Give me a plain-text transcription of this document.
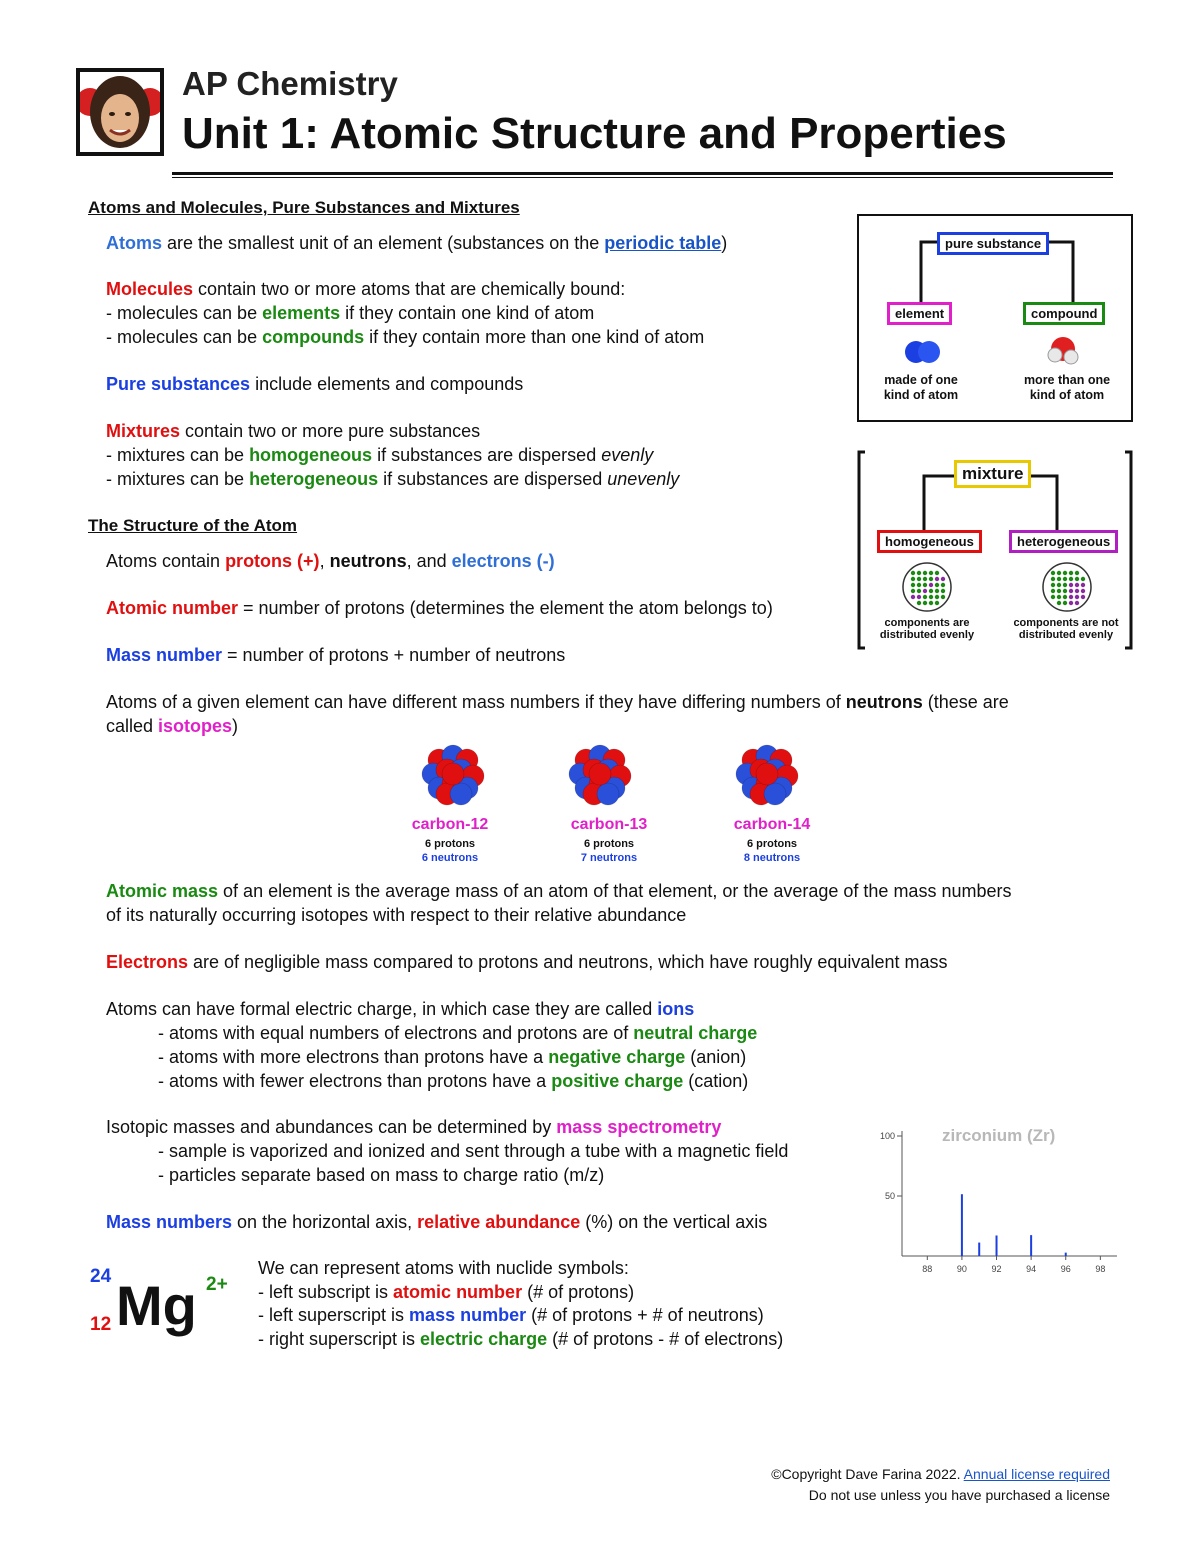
AP Chemistry
Unit 1: Atomic Structure and Properties
Atoms and Molecules, Pure Substances and Mixtures
Atoms are the smallest unit of an element (substances on the periodic table)
Molecules contain two or more atoms that are chemically bound:
- molecules can be elements if they contain one kind of atom
- molecules can be compounds if they contain more than one kind of atom
Pure substances include elements and compounds
Mixtures contain two or more pure substances
- mixtures can be homogeneous if substances are dispersed evenly
- mixtures can be heterogeneous if substances are dispersed unevenly
pure substance
element	compound
made of one
kind of atom
more than one
kind of atom
mixture
homogeneous	heterogeneous
components are
distributed evenly
components are not
distributed evenly
The Structure of the Atom
Atoms contain protons (+), neutrons, and electrons (-)
Atomic number = number of protons (determines the element the atom belongs to)
Mass number = number of protons + number of neutrons
Atoms of a given element can have different mass numbers if they have differing numbers of neutrons (these are
called isotopes)
carbon-12
6 protons
6 neutrons
carbon-13
6 protons
7 neutrons
carbon-14
6 protons
8 neutrons
Atomic mass of an element is the average mass of an atom of that element, or the average of the mass numbers
of its naturally occurring isotopes with respect to their relative abundance
Electrons are of negligible mass compared to protons and neutrons, which have roughly equivalent mass
Atoms can have formal electric charge, in which case they are called ions
- atoms with equal numbers of electrons and protons are of neutral charge
- atoms with more electrons than protons have a negative charge (anion)
- atoms with fewer electrons than protons have a positive charge (cation)
Isotopic masses and abundances can be determined by mass spectrometry
- sample is vaporized and ionized and sent through a tube with a magnetic field
- particles separate based on mass to charge ratio (m/z)
Mass numbers on the horizontal axis, relative abundance (%) on the vertical axis
zirconium (Zr)
100
50
88	90	92	94	96	98
24
12 Mg 2+
We can represent atoms with nuclide symbols:
- left subscript is atomic number (# of protons)
- left superscript is mass number (# of protons + # of neutrons)
- right superscript is electric charge (# of protons - # of electrons)
©Copyright Dave Farina 2022. Annual license required
Do not use unless you have purchased a license
